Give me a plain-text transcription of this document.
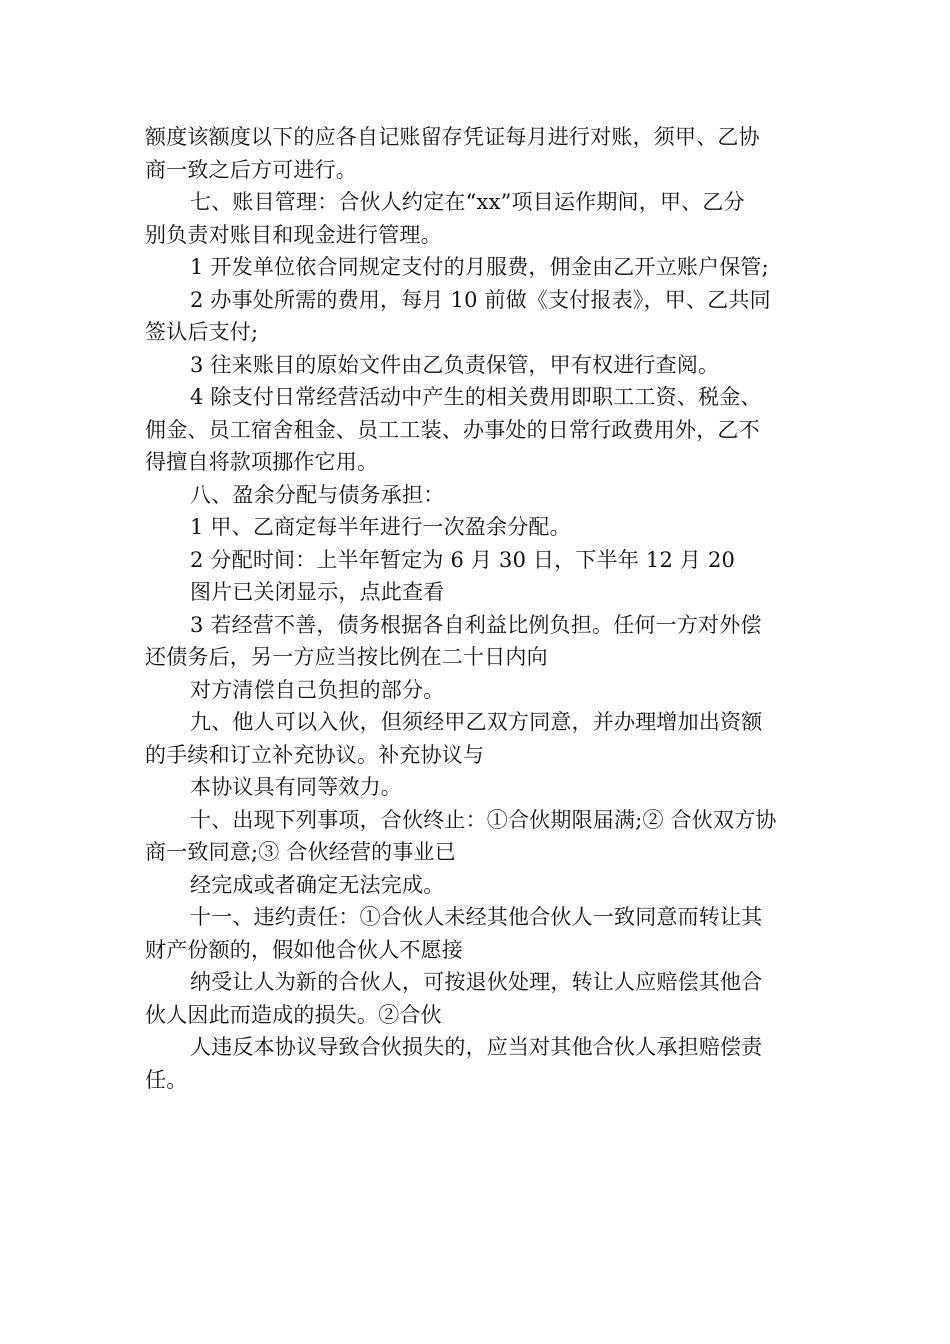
额度该额度以下的应各自记账留存凭证每月进行对账，须甲、乙协
商一致之后方可进行。
七、账目管理：合伙人约定在“xx”项目运作期间，甲、乙分
别负责对账目和现金进行管理。
1 开发单位依合同规定支付的月服费，佣金由乙开立账户保管;
2 办事处所需的费用，每月 10 前做《支付报表》，甲、乙共同
签认后支付;
3 往来账目的原始文件由乙负责保管，甲有权进行查阅。
4 除支付日常经营活动中产生的相关费用即职工工资、税金、
佣金、员工宿舍租金、员工工装、办事处的日常行政费用外，乙不
得擅自将款项挪作它用。
八、盈余分配与债务承担：
1 甲、乙商定每半年进行一次盈余分配。
2 分配时间：上半年暂定为 6 月 30 日，下半年 12 月 20
图片已关闭显示，点此查看
3 若经营不善，债务根据各自利益比例负担。任何一方对外偿
还债务后，另一方应当按比例在二十日内向
对方清偿自己负担的部分。
九、他人可以入伙，但须经甲乙双方同意，并办理增加出资额
的手续和订立补充协议。补充协议与
本协议具有同等效力。
十、出现下列事项，合伙终止：①合伙期限届满;② 合伙双方协
商一致同意;③ 合伙经营的事业已
经完成或者确定无法完成。
十一、违约责任：①合伙人未经其他合伙人一致同意而转让其
财产份额的，假如他合伙人不愿接
纳受让人为新的合伙人，可按退伙处理，转让人应赔偿其他合
伙人因此而造成的损失。②合伙
人违反本协议导致合伙损失的，应当对其他合伙人承担赔偿责
任。
